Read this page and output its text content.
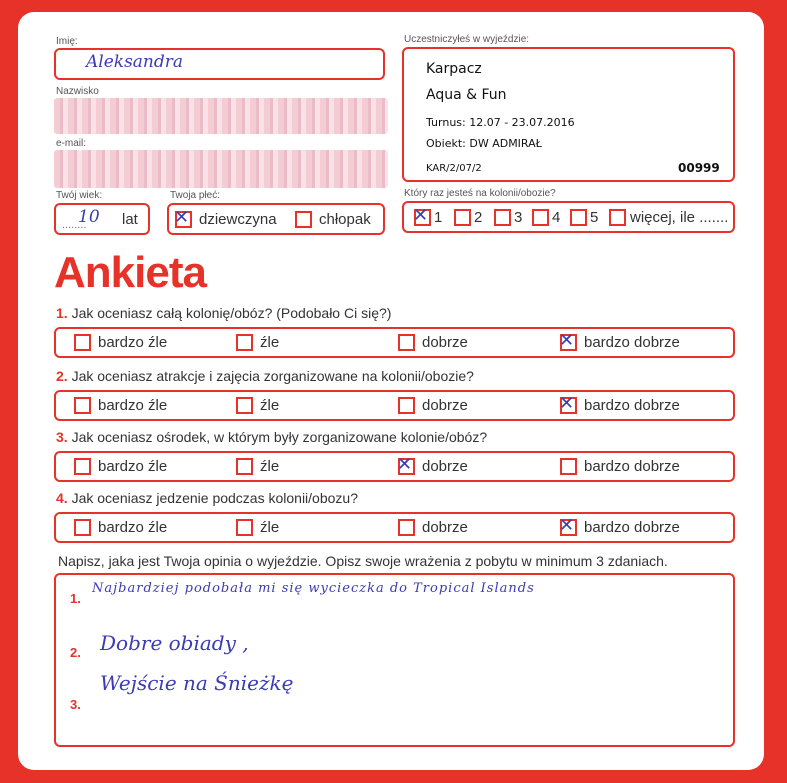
Imię:
Aleksandra
Nazwisko
e-mail:
Twój wiek:
........
10 lat
Twoja płeć:
✕ dziewczyna	chłopak
Uczestniczyłeś w wyjeździe:
Karpacz
Aqua & Fun
Turnus: 12.07 - 23.07.2016
Obiekt: DW ADMIRAŁ
KAR/2/07/2	00999
Który raz jesteś na kolonii/obozie?
✕ 1 2 3 4 5 więcej, ile .......
Ankieta
1. Jak oceniasz całą kolonię/obóz? (Podobało Ci się?)
bardzo źle	źle	dobrze	✕ bardzo dobrze
2. Jak oceniasz atrakcje i zajęcia zorganizowane na kolonii/obozie?
bardzo źle	źle	dobrze	✕ bardzo dobrze
3. Jak oceniasz ośrodek, w którym były zorganizowane kolonie/obóz?
bardzo źle	źle	✕ dobrze	bardzo dobrze
4. Jak oceniasz jedzenie podczas kolonii/obozu?
bardzo źle	źle	dobrze	✕ bardzo dobrze
Napisz, jaka jest Twoja opinia o wyjeździe. Opisz swoje wrażenia z pobytu w minimum 3 zdaniach.
1.
Najbardziej podobała mi się wycieczka do Tropical Islands
2. Dobre obiady ,
3.
Wejście na Śnieżkę
